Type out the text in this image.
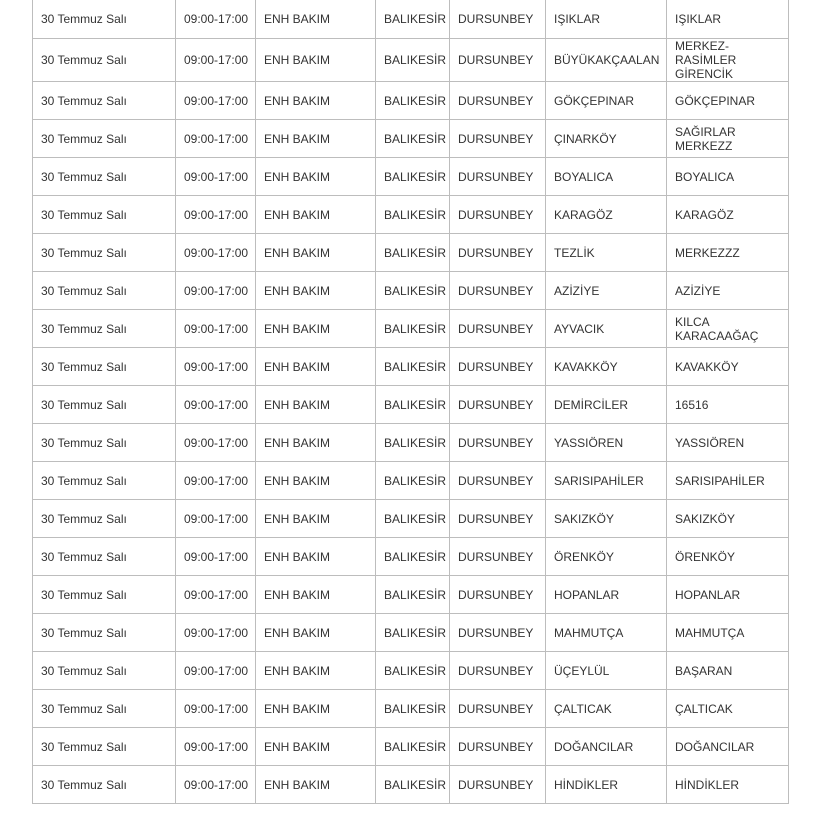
30 Temmuz Salı	09:00-17:00	ENH BAKIM	BALIKESİR	DURSUNBEY	IŞIKLAR	IŞIKLAR
30 Temmuz Salı	09:00-17:00	ENH BAKIM	BALIKESİR	DURSUNBEY	BÜYÜKAKÇAALAN	MERKEZ- RASİMLER GİRENCİK
30 Temmuz Salı	09:00-17:00	ENH BAKIM	BALIKESİR	DURSUNBEY	GÖKÇEPINAR	GÖKÇEPINAR
30 Temmuz Salı	09:00-17:00	ENH BAKIM	BALIKESİR	DURSUNBEY	ÇINARKÖY	SAĞIRLAR MERKEZZ
30 Temmuz Salı	09:00-17:00	ENH BAKIM	BALIKESİR	DURSUNBEY	BOYALICA	BOYALICA
30 Temmuz Salı	09:00-17:00	ENH BAKIM	BALIKESİR	DURSUNBEY	KARAGÖZ	KARAGÖZ
30 Temmuz Salı	09:00-17:00	ENH BAKIM	BALIKESİR	DURSUNBEY	TEZLİK	MERKEZZZ
30 Temmuz Salı	09:00-17:00	ENH BAKIM	BALIKESİR	DURSUNBEY	AZİZİYE	AZİZİYE
30 Temmuz Salı	09:00-17:00	ENH BAKIM	BALIKESİR	DURSUNBEY	AYVACIK	KILCA KARACAAĞAÇ
30 Temmuz Salı	09:00-17:00	ENH BAKIM	BALIKESİR	DURSUNBEY	KAVAKKÖY	KAVAKKÖY
30 Temmuz Salı	09:00-17:00	ENH BAKIM	BALIKESİR	DURSUNBEY	DEMİRCİLER	16516
30 Temmuz Salı	09:00-17:00	ENH BAKIM	BALIKESİR	DURSUNBEY	YASSIÖREN	YASSIÖREN
30 Temmuz Salı	09:00-17:00	ENH BAKIM	BALIKESİR	DURSUNBEY	SARISIPAHİLER	SARISIPAHİLER
30 Temmuz Salı	09:00-17:00	ENH BAKIM	BALIKESİR	DURSUNBEY	SAKIZKÖY	SAKIZKÖY
30 Temmuz Salı	09:00-17:00	ENH BAKIM	BALIKESİR	DURSUNBEY	ÖRENKÖY	ÖRENKÖY
30 Temmuz Salı	09:00-17:00	ENH BAKIM	BALIKESİR	DURSUNBEY	HOPANLAR	HOPANLAR
30 Temmuz Salı	09:00-17:00	ENH BAKIM	BALIKESİR	DURSUNBEY	MAHMUTÇA	MAHMUTÇA
30 Temmuz Salı	09:00-17:00	ENH BAKIM	BALIKESİR	DURSUNBEY	ÜÇEYLÜL	BAŞARAN
30 Temmuz Salı	09:00-17:00	ENH BAKIM	BALIKESİR	DURSUNBEY	ÇALTICAK	ÇALTICAK
30 Temmuz Salı	09:00-17:00	ENH BAKIM	BALIKESİR	DURSUNBEY	DOĞANCILAR	DOĞANCILAR
30 Temmuz Salı	09:00-17:00	ENH BAKIM	BALIKESİR	DURSUNBEY	HİNDİKLER	HİNDİKLER
